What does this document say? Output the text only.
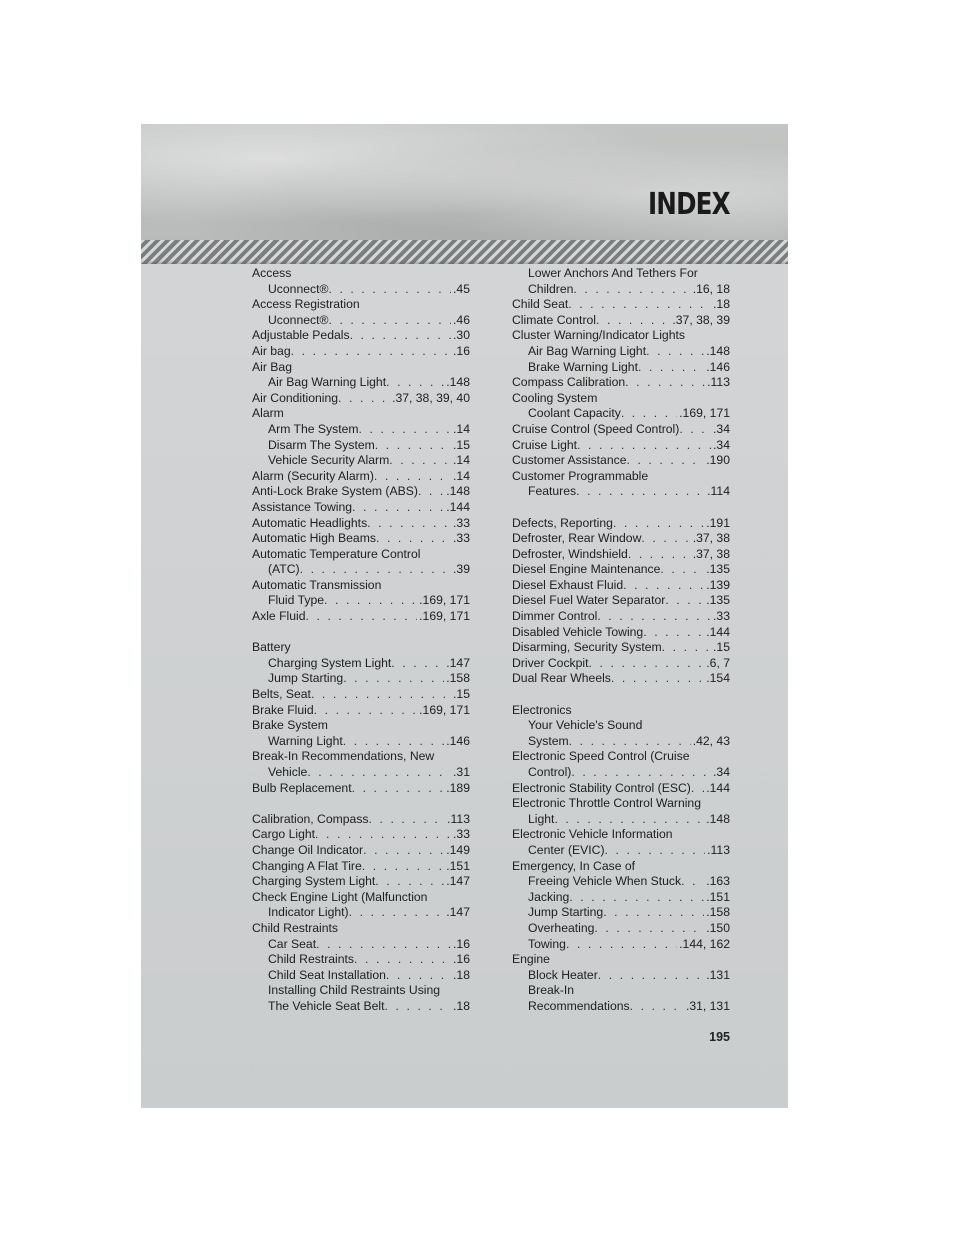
INDEX
Access
Uconnect® . . .	.45
Access Registration
Uconnect® . . .	.46
Adjustable Pedals . . .	.30
Air bag . . .	.16
Air Bag
Air Bag Warning Light . . .	.148
Air Conditioning . . .	.37, 38, 39, 40
Alarm
Arm The System . . .	.14
Disarm The System . . .	.15
Vehicle Security Alarm . . .	.14
Alarm (Security Alarm) . . .	.14
Anti-Lock Brake System (ABS) . . . .148
Assistance Towing . . .	.144
Automatic Headlights . . .	.33
Automatic High Beams . . .	.33
Automatic Temperature Control
(ATC) . . .	.39
Automatic Transmission
Fluid Type . . .	.169, 171
Axle Fluid . . .	.169, 171
Battery
Charging System Light . . .	.147
Jump Starting . . .	.158
Belts, Seat . . .	.15
Brake Fluid . . .	.169, 171
Brake System
Warning Light . . .	.146
Break-In Recommendations, New
Vehicle . . .	.31
Bulb Replacement . . .	.189
Calibration, Compass . . .	.113
Cargo Light . . .	.33
Change Oil Indicator . . .	.149
Changing A Flat Tire . . .	.151
Charging System Light . . .	.147
Check Engine Light (Malfunction
Indicator Light) . . .	.147
Child Restraints
Car Seat . . .	.16
Child Restraints . . .	.16
Child Seat Installation . . .	.18
Installing Child Restraints Using
The Vehicle Seat Belt . . .	.18
Lower Anchors And Tethers For
Children . . .	.16, 18
Child Seat . . .	.18
Climate Control . . .	.37, 38, 39
Cluster Warning/Indicator Lights
Air Bag Warning Light . . .	.148
Brake Warning Light . . .	.146
Compass Calibration . . .	.113
Cooling System
Coolant Capacity . . .	.169, 171
Cruise Control (Speed Control) . . .	.34
Cruise Light . . .	.34
Customer Assistance . . .	.190
Customer Programmable
Features . . .	.114
Defects, Reporting . . .	.191
Defroster, Rear Window . . .	.37, 38
Defroster, Windshield . . .	.37, 38
Diesel Engine Maintenance . . .	.135
Diesel Exhaust Fluid . . .	.139
Diesel Fuel Water Separator . . .	.135
Dimmer Control . . .	.33
Disabled Vehicle Towing . . .	.144
Disarming, Security System . . .	.15
Driver Cockpit . . .	.6, 7
Dual Rear Wheels . . .	.154
Electronics
Your Vehicle's Sound
System . . .	.42, 43
Electronic Speed Control (Cruise
Control) . . .	.34
Electronic Stability Control (ESC) . . . .144
Electronic Throttle Control Warning
Light . . .	.148
Electronic Vehicle Information
Center (EVIC) . . .	.113
Emergency, In Case of
Freeing Vehicle When Stuck . . . .163
Jacking . . .	.151
Jump Starting . . .	.158
Overheating . . .	.150
Towing . . .	.144, 162
Engine
Block Heater . . .	.131
Break-In
Recommendations . . .	.31, 131

195
